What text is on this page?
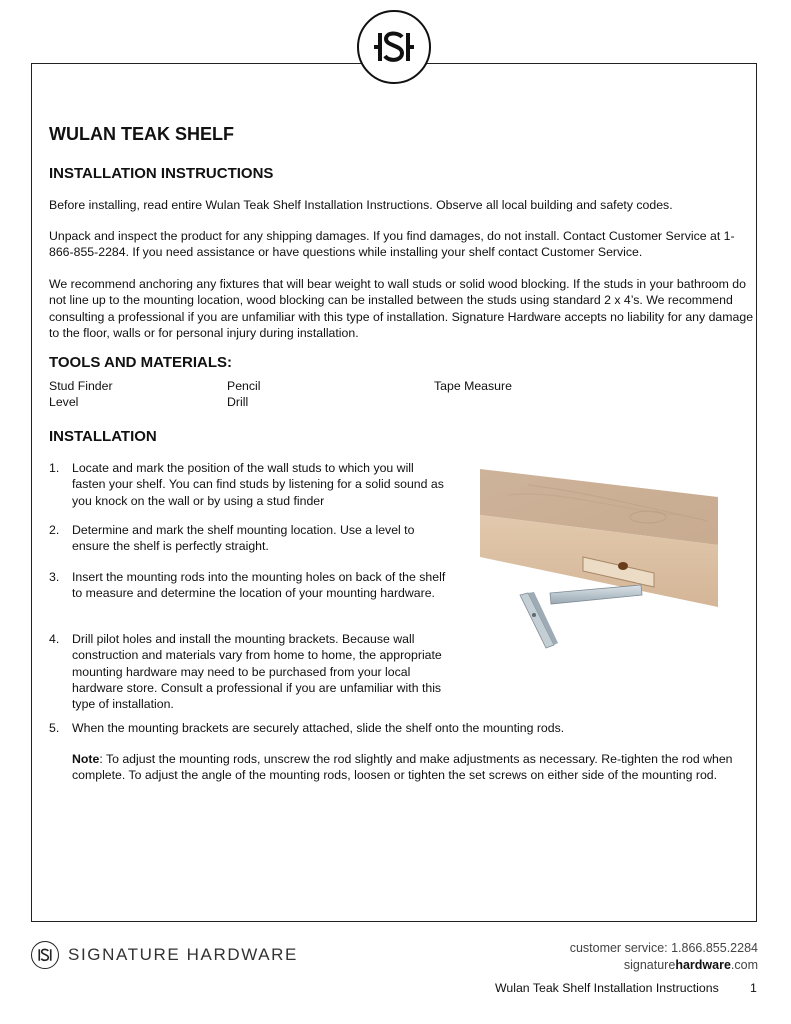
WULAN TEAK SHELF
INSTALLATION INSTRUCTIONS

Before installing, read entire Wulan Teak Shelf Installation Instructions. Observe all local building and safety codes.

Unpack and inspect the product for any shipping damages. If you find damages, do not install. Contact Customer Service at 1-866-855-2284. If you need assistance or have questions while installing your shelf contact Customer Service.

We recommend anchoring any fixtures that will bear weight to wall studs or solid wood blocking. If the studs in your bathroom do not line up to the mounting location, wood blocking can be installed between the studs using standard 2 x 4’s. We recommend consulting a professional if you are unfamiliar with this type of installation. Signature Hardware accepts no liability for any damage to the floor, walls or for personal injury during installation.

TOOLS AND MATERIALS:
Stud Finder	Pencil	Tape Measure
Level	Drill
INSTALLATION
1. Locate and mark the position of the wall studs to which you will fasten your shelf. You can find studs by listening for a solid sound as you knock on the wall or by using a stud finder
2. Determine and mark the shelf mounting location. Use a level to ensure the shelf is perfectly straight.
3. Insert the mounting rods into the mounting holes on back of the shelf to measure and determine the location of your mounting hardware.
4. Drill pilot holes and install the mounting brackets. Because wall construction and materials vary from home to home, the appropriate mounting hardware may need to be purchased from your local hardware store. Consult a professional if you are unfamiliar with this type of installation.
5. When the mounting brackets are securely attached, slide the shelf onto the mounting rods.
Note: To adjust the mounting rods, unscrew the rod slightly and make adjustments as necessary. Re-tighten the rod when complete. To adjust the angle of the mounting rods, loosen or tighten the set screws on either side of the mounting rod.
SIGNATURE HARDWARE	customer service: 1.866.855.2284
signaturehardware.com
Wulan Teak Shelf Installation Instructions	1
